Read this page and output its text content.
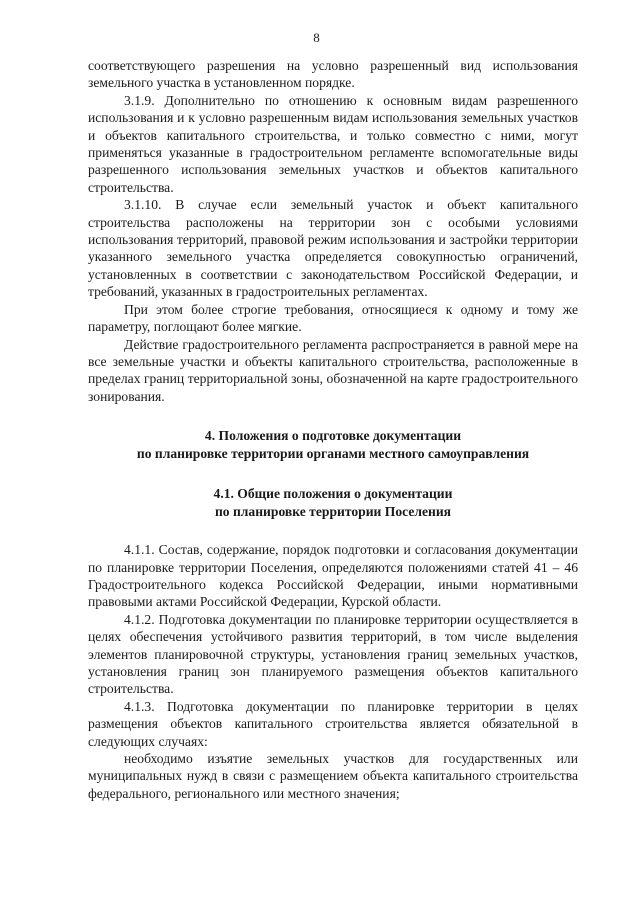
8

соответствующего разрешения на условно разрешенный вид использования земельного участка в установленном порядке.

3.1.9. Дополнительно по отношению к основным видам разрешенного использования и к условно разрешенным видам использования земельных участков и объектов капитального строительства, и только совместно с ними, могут применяться указанные в градостроительном регламенте вспомогательные виды разрешенного использования земельных участков и объектов капитального строительства.

3.1.10. В случае если земельный участок и объект капитального строительства расположены на территории зон с особыми условиями использования территорий, правовой режим использования и застройки территории указанного земельного участка определяется совокупностью ограничений, установленных в соответствии с законодательством Российской Федерации, и требований, указанных в градостроительных регламентах.

При этом более строгие требования, относящиеся к одному и тому же параметру, поглощают более мягкие.

Действие градостроительного регламента распространяется в равной мере на все земельные участки и объекты капитального строительства, расположенные в пределах границ территориальной зоны, обозначенной на карте градостроительного зонирования.

4. Положения о подготовке документации
по планировке территории органами местного самоуправления
4.1. Общие положения о документации
по планировке территории Поселения

4.1.1. Состав, содержание, порядок подготовки и согласования документации по планировке территории Поселения, определяются положениями статей 41 – 46 Градостроительного кодекса Российской Федерации, иными нормативными правовыми актами Российской Федерации, Курской области.

4.1.2. Подготовка документации по планировке территории осуществляется в целях обеспечения устойчивого развития территорий, в том числе выделения элементов планировочной структуры, установления границ земельных участков, установления границ зон планируемого размещения объектов капитального строительства.

4.1.3. Подготовка документации по планировке территории в целях размещения объектов капитального строительства является обязательной в следующих случаях:

необходимо изъятие земельных участков для государственных или муниципальных нужд в связи с размещением объекта капитального строительства федерального, регионального или местного значения;
